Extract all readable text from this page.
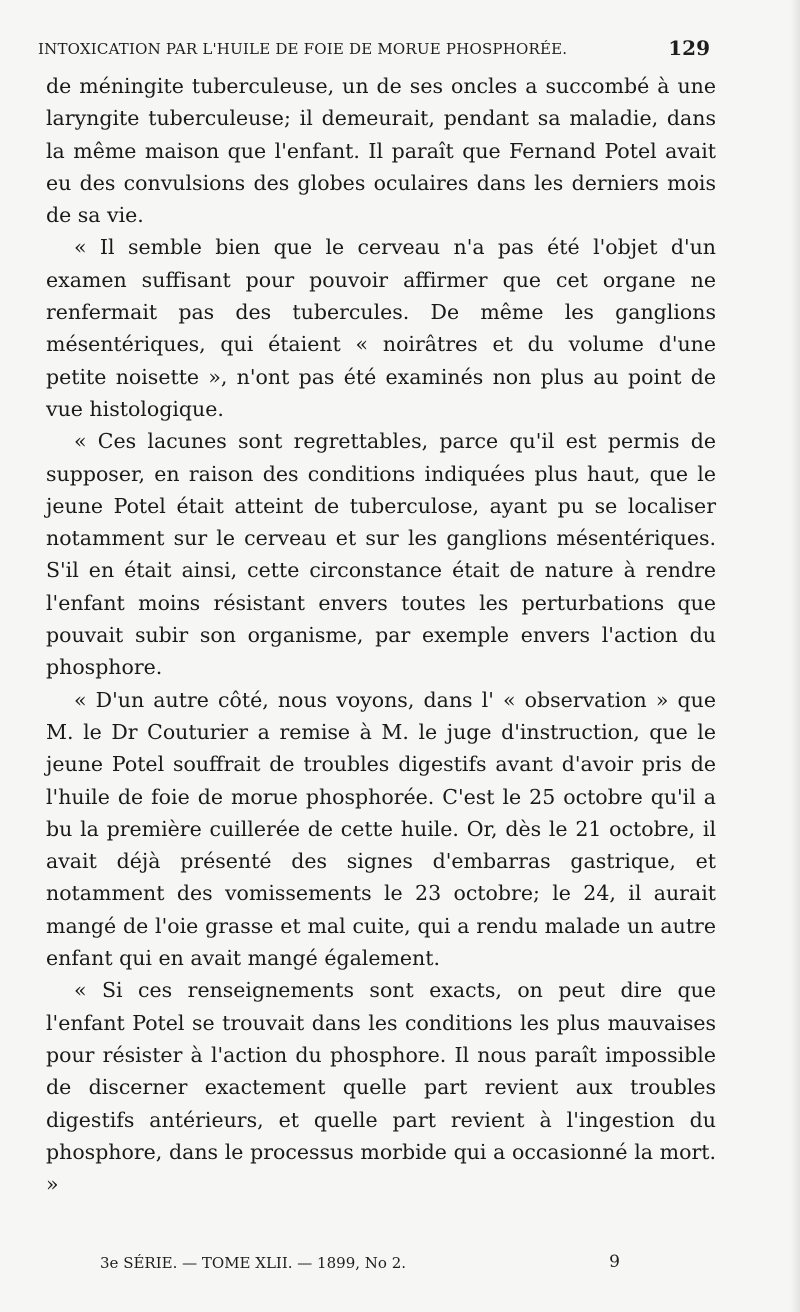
INTOXICATION PAR L'HUILE DE FOIE DE MORUE PHOSPHORÉE.	129

de méningite tuberculeuse, un de ses oncles a succombé à une laryngite tuberculeuse; il demeurait, pendant sa maladie, dans la même maison que l'enfant. Il paraît que Fernand Potel avait eu des convulsions des globes oculaires dans les derniers mois de sa vie.

« Il semble bien que le cerveau n'a pas été l'objet d'un examen suffisant pour pouvoir affirmer que cet organe ne renfermait pas des tubercules. De même les ganglions mésentériques, qui étaient « noirâtres et du volume d'une petite noisette », n'ont pas été examinés non plus au point de vue histologique.

« Ces lacunes sont regrettables, parce qu'il est permis de supposer, en raison des conditions indiquées plus haut, que le jeune Potel était atteint de tuberculose, ayant pu se localiser notamment sur le cerveau et sur les ganglions mésentériques. S'il en était ainsi, cette circonstance était de nature à rendre l'enfant moins résistant envers toutes les perturbations que pouvait subir son organisme, par exemple envers l'action du phosphore.

« D'un autre côté, nous voyons, dans l' « observation » que M. le Dr Couturier a remise à M. le juge d'instruction, que le jeune Potel souffrait de troubles digestifs avant d'avoir pris de l'huile de foie de morue phosphorée. C'est le 25 octobre qu'il a bu la première cuillerée de cette huile. Or, dès le 21 octobre, il avait déjà présenté des signes d'embarras gastrique, et notamment des vomissements le 23 octobre; le 24, il aurait mangé de l'oie grasse et mal cuite, qui a rendu malade un autre enfant qui en avait mangé également.

« Si ces renseignements sont exacts, on peut dire que l'enfant Potel se trouvait dans les conditions les plus mauvaises pour résister à l'action du phosphore. Il nous paraît impossible de discerner exactement quelle part revient aux troubles digestifs antérieurs, et quelle part revient à l'ingestion du phosphore, dans le processus morbide qui a occasionné la mort. »

3e SÉRIE. — TOME XLII. — 1899, No 2.	9
